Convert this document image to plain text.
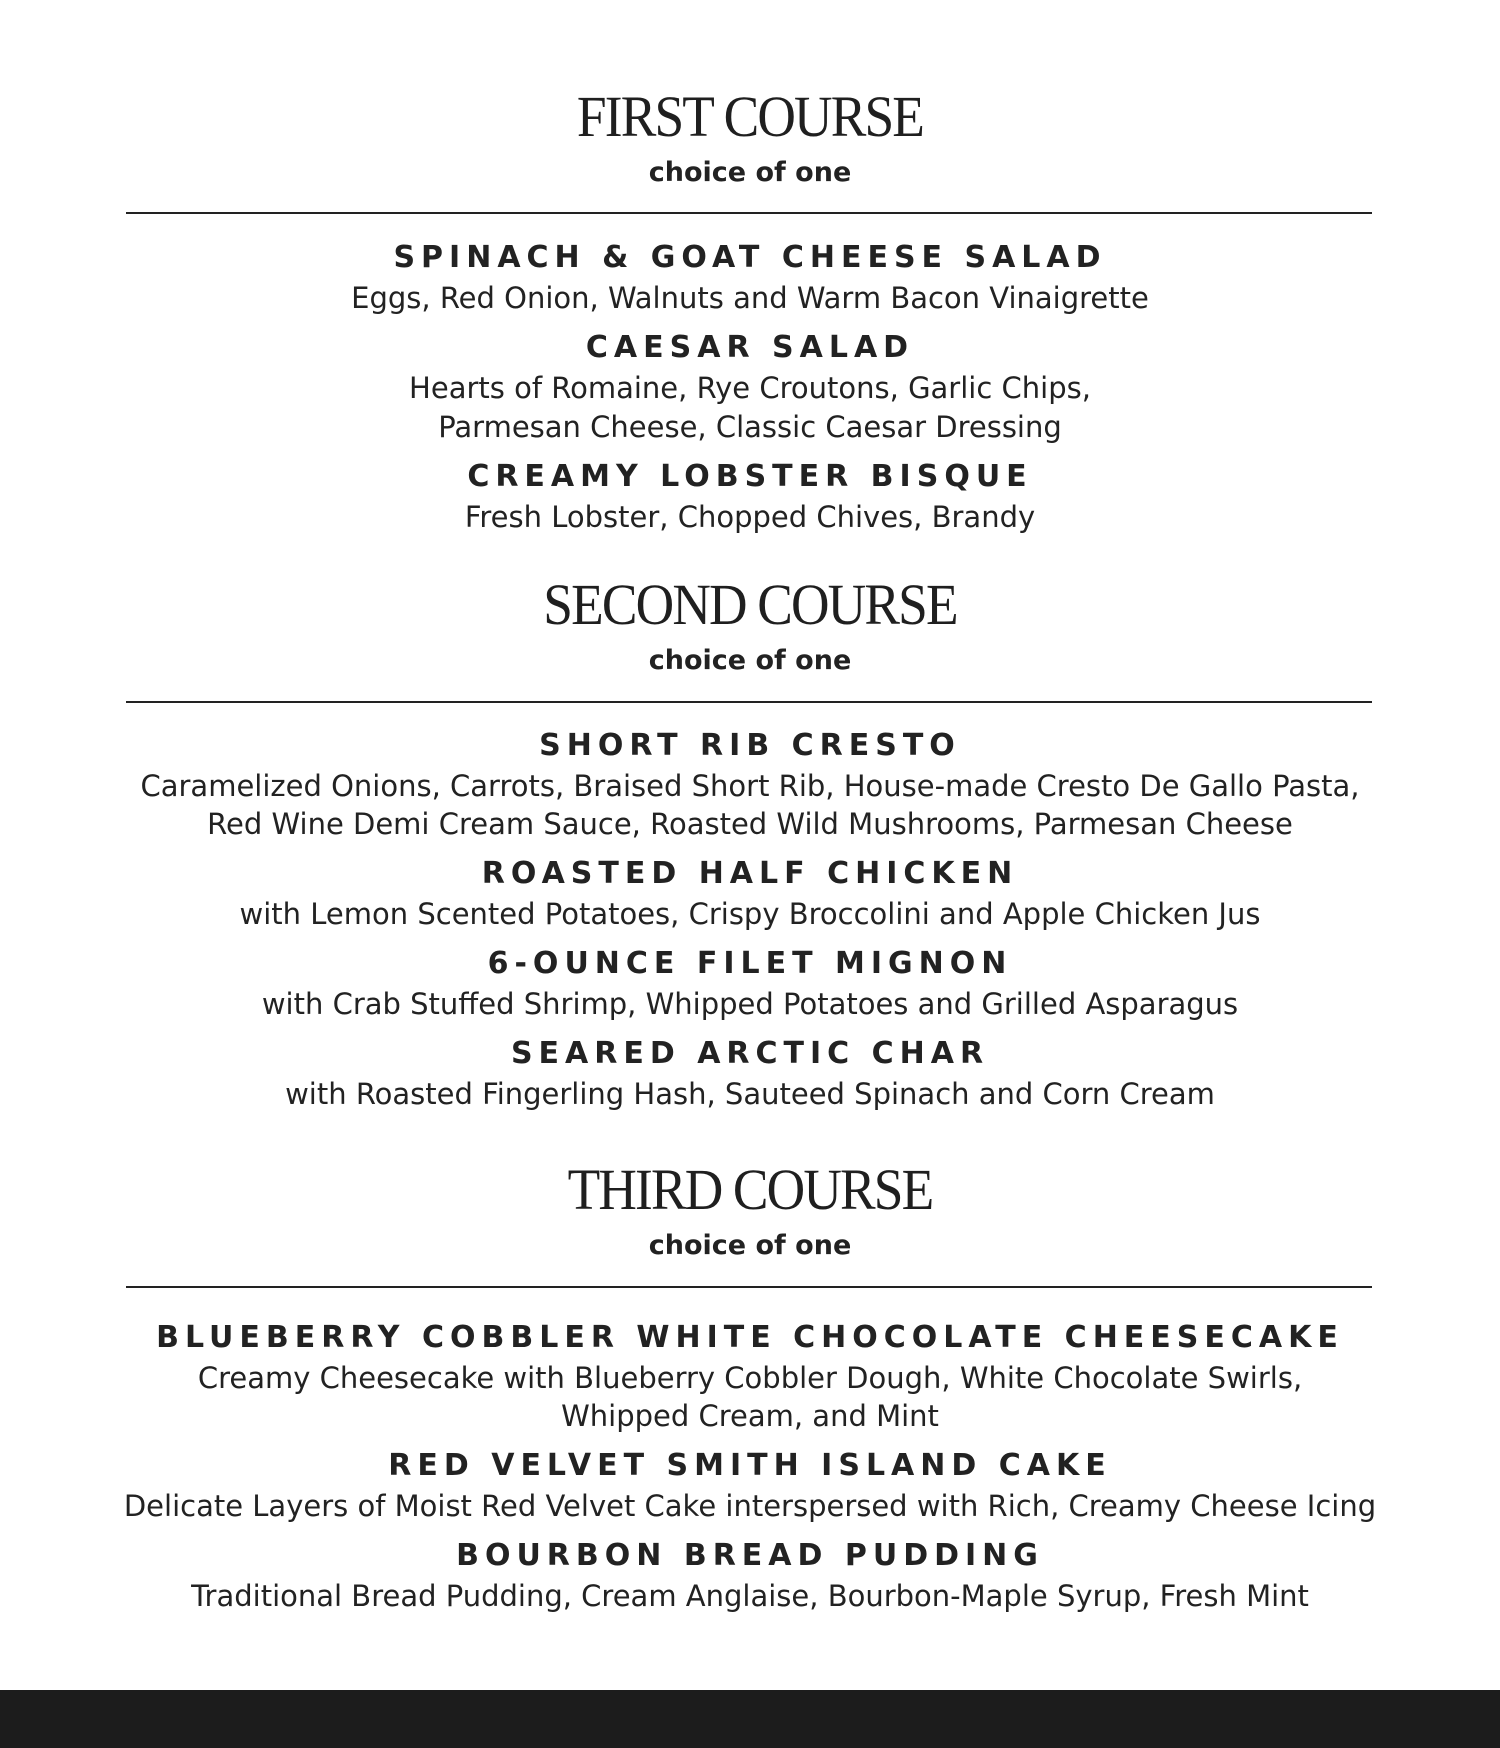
FIRST COURSE
choice of one
SPINACH & GOAT CHEESE SALAD
Eggs, Red Onion, Walnuts and Warm Bacon Vinaigrette
CAESAR SALAD
Hearts of Romaine, Rye Croutons, Garlic Chips,
Parmesan Cheese, Classic Caesar Dressing
CREAMY LOBSTER BISQUE
Fresh Lobster, Chopped Chives, Brandy
SECOND COURSE
choice of one
SHORT RIB CRESTO
Caramelized Onions, Carrots, Braised Short Rib, House-made Cresto De Gallo Pasta,
Red Wine Demi Cream Sauce, Roasted Wild Mushrooms, Parmesan Cheese
ROASTED HALF CHICKEN
with Lemon Scented Potatoes, Crispy Broccolini and Apple Chicken Jus
6-OUNCE FILET MIGNON
with Crab Stuffed Shrimp, Whipped Potatoes and Grilled Asparagus
SEARED ARCTIC CHAR
with Roasted Fingerling Hash, Sauteed Spinach and Corn Cream
THIRD COURSE
choice of one
BLUEBERRY COBBLER WHITE CHOCOLATE CHEESECAKE
Creamy Cheesecake with Blueberry Cobbler Dough, White Chocolate Swirls,
Whipped Cream, and Mint
RED VELVET SMITH ISLAND CAKE
Delicate Layers of Moist Red Velvet Cake interspersed with Rich, Creamy Cheese Icing
BOURBON BREAD PUDDING
Traditional Bread Pudding, Cream Anglaise, Bourbon-Maple Syrup, Fresh Mint
